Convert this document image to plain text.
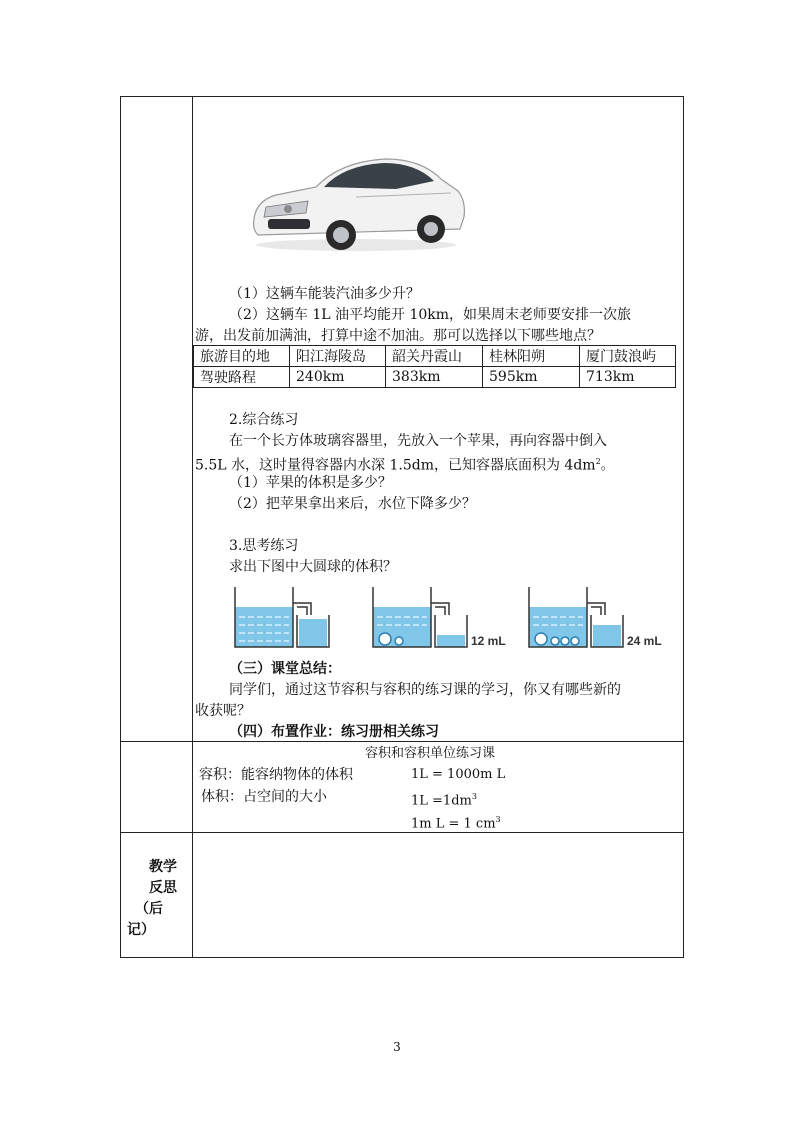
（1）这辆车能装汽油多少升？
（2）这辆车 1L 油平均能开 10km，如果周末老师要安排一次旅
游，出发前加满油，打算中途不加油。那可以选择以下哪些地点？
旅游目的地	阳江海陵岛	韶关丹霞山	桂林阳朔	厦门鼓浪屿
驾驶路程	240km	383km	595km	713km
2.综合练习
在一个长方体玻璃容器里，先放入一个苹果，再向容器中倒入
5.5L 水，这时量得容器内水深 1.5dm，已知容器底面积为 $4dm^2$。
（1）苹果的体积是多少？
（2）把苹果拿出来后，水位下降多少？
3.思考练习
求出下图中大圆球的体积？
12 mL	24 mL
（三）课堂总结：
同学们，通过这节容积与容积的练习课的学习，你又有哪些新的
收获呢？
（四）布置作业：练习册相关练习
容积和容积单位练习课
容积：能容纳物体的体积
体积：占空间的大小
1L = 1000m L
$1L =1dm^3$
1m L = 1 $cm^3$
教学
反思
（后
记）
3
